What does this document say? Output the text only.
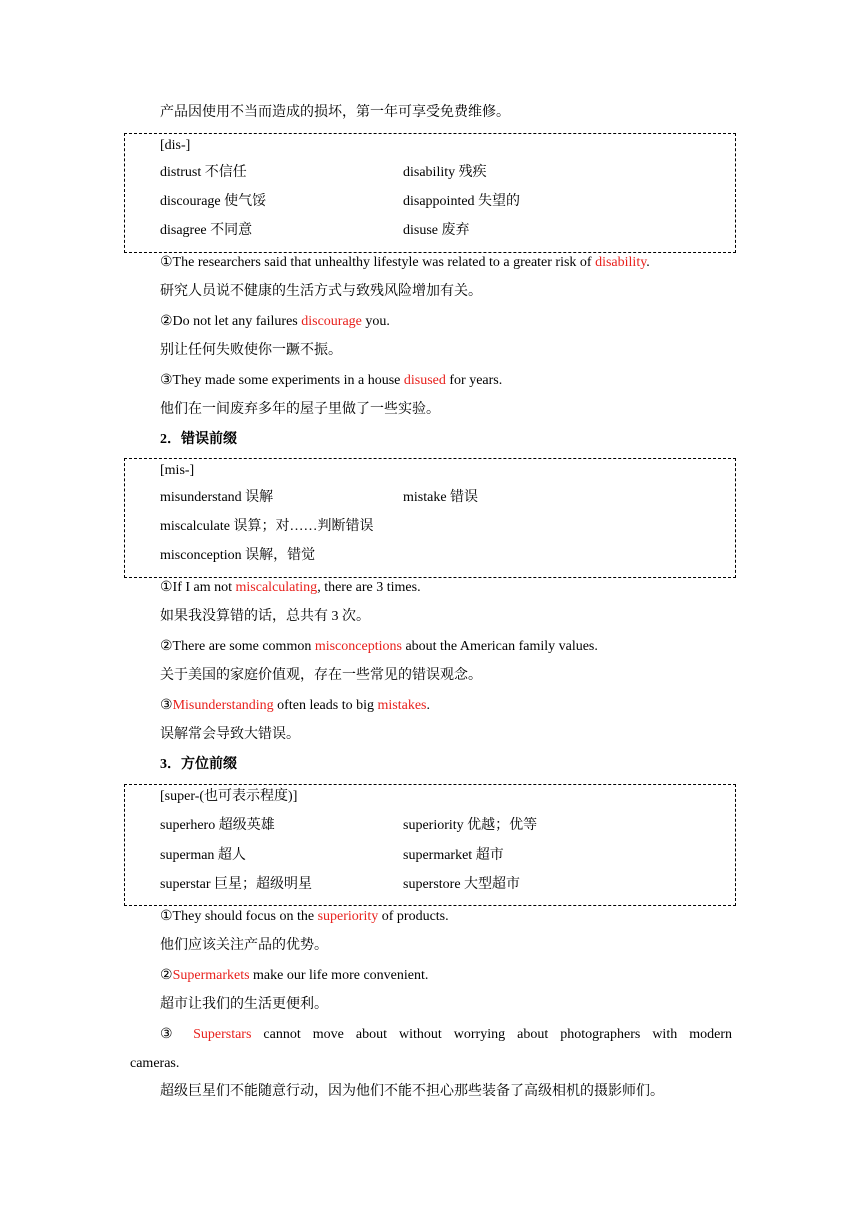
产品因使用不当而造成的损坏，第一年可享受免费维修。
[dis-]
distrust 不信任	disability 残疾
discourage 使气馁	disappointed 失望的
disagree 不同意	disuse 废弃
①The researchers said that unhealthy lifestyle was related to a greater risk of disability.
研究人员说不健康的生活方式与致残风险增加有关。
②Do not let any failures discourage you.
别让任何失败使你一蹶不振。
③They made some experiments in a house disused for years.
他们在一间废弃多年的屋子里做了一些实验。
2．错误前缀
[mis-]
misunderstand 误解	mistake 错误
miscalculate 误算；对……判断错误
misconception 误解，错觉
①If I am not miscalculating, there are 3 times.
如果我没算错的话，总共有 3 次。
②There are some common misconceptions about the American family values.
关于美国的家庭价值观，存在一些常见的错误观念。
③Misunderstanding often leads to big mistakes.
误解常会导致大错误。
3．方位前缀
[super-(也可表示程度)]
superhero 超级英雄	superiority 优越；优等
superman 超人	supermarket 超市
superstar 巨星；超级明星	superstore 大型超市
①They should focus on the superiority of products.
他们应该关注产品的优势。
②Supermarkets make our life more convenient.
超市让我们的生活更便利。
③ Superstars cannot move about without worrying about photographers with modern
cameras.
超级巨星们不能随意行动，因为他们不能不担心那些装备了高级相机的摄影师们。
